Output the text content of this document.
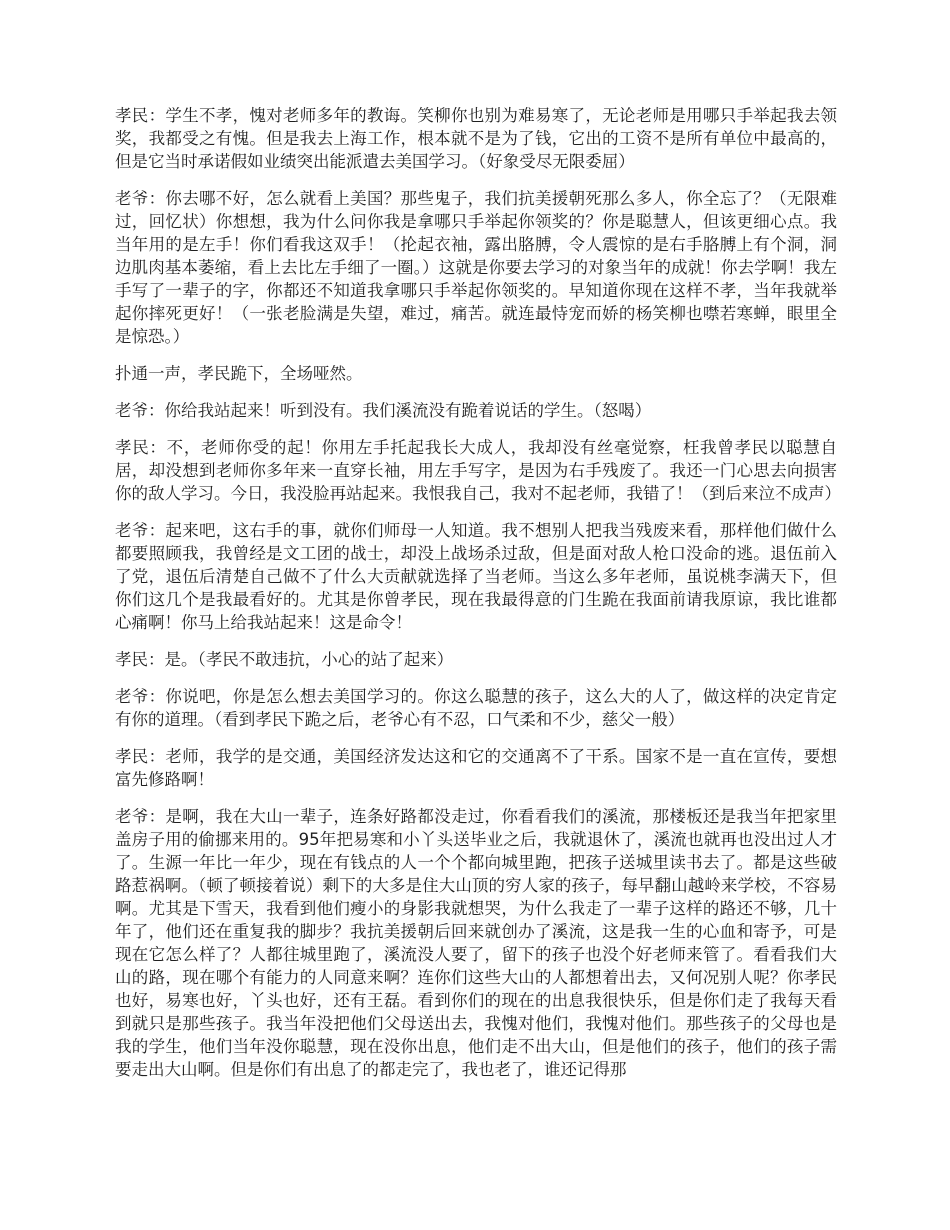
孝民：学生不孝，愧对老师多年的教诲。笑柳你也别为难易寒了，无论老师是用哪只手举起我去领奖，我都受之有愧。但是我去上海工作，根本就不是为了钱，它出的工资不是所有单位中最高的，但是它当时承诺假如业绩突出能派遣去美国学习。（好象受尽无限委屈）

老爷：你去哪不好，怎么就看上美国？那些鬼子，我们抗美援朝死那么多人，你全忘了？（无限难过，回忆状）你想想，我为什么问你我是拿哪只手举起你领奖的？你是聪慧人，但该更细心点。我当年用的是左手！你们看我这双手！（抡起衣袖，露出胳膊，令人震惊的是右手胳膊上有个洞，洞边肌肉基本萎缩，看上去比左手细了一圈。）这就是你要去学习的对象当年的成就！你去学啊！我左手写了一辈子的字，你都还不知道我拿哪只手举起你领奖的。早知道你现在这样不孝，当年我就举起你摔死更好！（一张老脸满是失望，难过，痛苦。就连最恃宠而娇的杨笑柳也噤若寒蝉，眼里全是惊恐。）

扑通一声，孝民跪下，全场哑然。

老爷：你给我站起来！听到没有。我们溪流没有跪着说话的学生。（怒喝）

孝民：不，老师你受的起！你用左手托起我长大成人，我却没有丝毫觉察，枉我曾孝民以聪慧自居，却没想到老师你多年来一直穿长袖，用左手写字，是因为右手残废了。我还一门心思去向损害你的敌人学习。今日，我没脸再站起来。我恨我自己，我对不起老师，我错了！（到后来泣不成声）

老爷：起来吧，这右手的事，就你们师母一人知道。我不想别人把我当残废来看，那样他们做什么都要照顾我，我曾经是文工团的战士，却没上战场杀过敌，但是面对敌人枪口没命的逃。退伍前入了党，退伍后清楚自己做不了什么大贡献就选择了当老师。当这么多年老师，虽说桃李满天下，但你们这几个是我最看好的。尤其是你曾孝民，现在我最得意的门生跪在我面前请我原谅，我比谁都心痛啊！你马上给我站起来！这是命令！

孝民：是。（孝民不敢违抗，小心的站了起来）

老爷：你说吧，你是怎么想去美国学习的。你这么聪慧的孩子，这么大的人了，做这样的决定肯定有你的道理。（看到孝民下跪之后，老爷心有不忍，口气柔和不少，慈父一般）

孝民：老师，我学的是交通，美国经济发达这和它的交通离不了干系。国家不是一直在宣传，要想富先修路啊！

老爷：是啊，我在大山一辈子，连条好路都没走过，你看看我们的溪流，那楼板还是我当年把家里盖房子用的偷挪来用的。95年把易寒和小丫头送毕业之后，我就退休了，溪流也就再也没出过人才了。生源一年比一年少，现在有钱点的人一个个都向城里跑，把孩子送城里读书去了。都是这些破路惹祸啊。（顿了顿接着说）剩下的大多是住大山顶的穷人家的孩子，每早翻山越岭来学校，不容易啊。尤其是下雪天，我看到他们瘦小的身影我就想哭，为什么我走了一辈子这样的路还不够，几十年了，他们还在重复我的脚步？我抗美援朝后回来就创办了溪流，这是我一生的心血和寄予，可是现在它怎么样了？人都往城里跑了，溪流没人要了，留下的孩子也没个好老师来管了。看看我们大山的路，现在哪个有能力的人同意来啊？连你们这些大山的人都想着出去，又何况别人呢？你孝民也好，易寒也好，丫头也好，还有王磊。看到你们的现在的出息我很快乐，但是你们走了我每天看到就只是那些孩子。我当年没把他们父母送出去，我愧对他们，我愧对他们。那些孩子的父母也是我的学生，他们当年没你聪慧，现在没你出息，他们走不出大山，但是他们的孩子，他们的孩子需要走出大山啊。但是你们有出息了的都走完了，我也老了，谁还记得那
